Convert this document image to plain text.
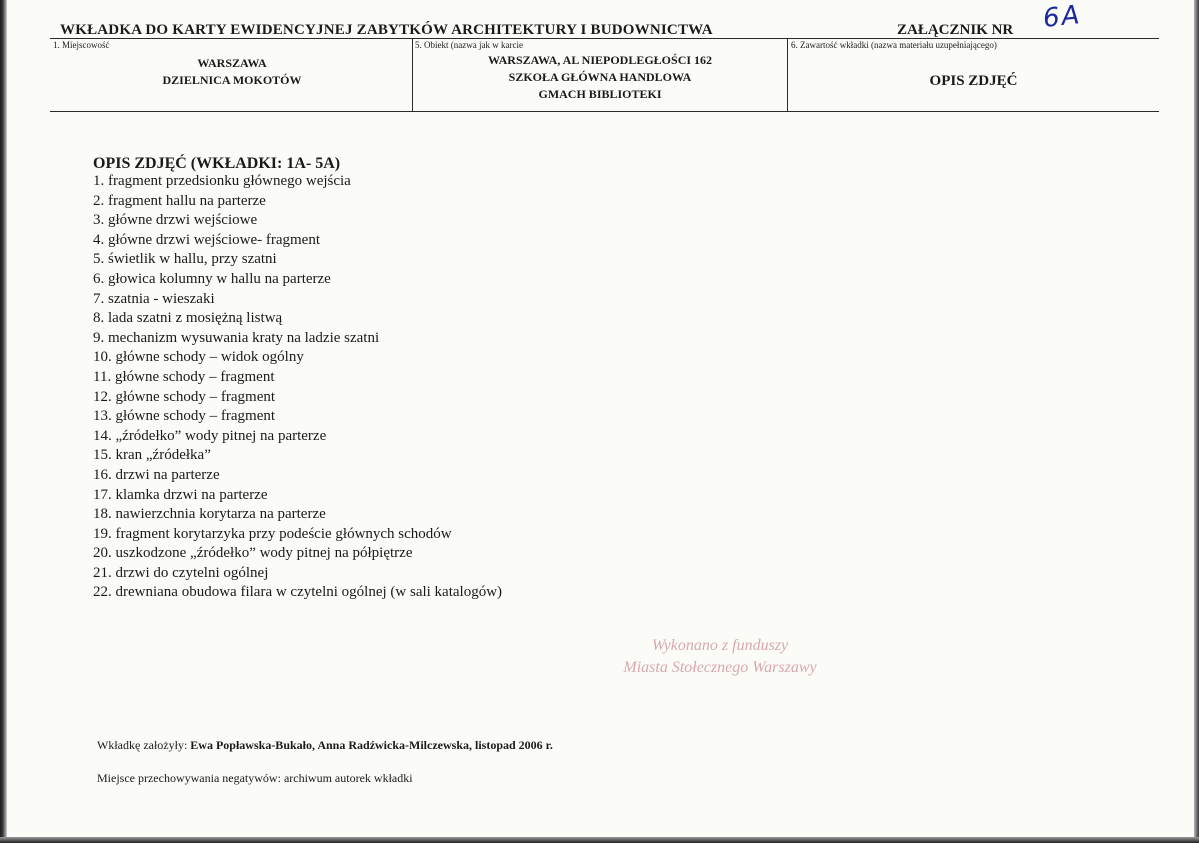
WKŁADKA DO KARTY EWIDENCYJNEJ ZABYTKÓW ARCHITEKTURY I BUDOWNICTWA	ZAŁĄCZNIK NR 6A
1. Miejscowość
WARSZAWA
DZIELNICA MOKOTÓW
5. Obiekt (nazwa jak w karcie
WARSZAWA, AL NIEPODLEGŁOŚCI 162
SZKOŁA GŁÓWNA HANDLOWA
GMACH BIBLIOTEKI
6. Zawartość wkładki (nazwa materiału uzupełniającego)
OPIS ZDJĘĆ
OPIS ZDJĘĆ (WKŁADKI: 1A- 5A)
1. fragment przedsionku głównego wejścia
2. fragment hallu na parterze
3. główne drzwi wejściowe
4. główne drzwi wejściowe- fragment
5. świetlik w hallu, przy szatni
6. głowica kolumny w hallu na parterze
7. szatnia - wieszaki
8. lada szatni z mosiężną listwą
9. mechanizm wysuwania kraty na ladzie szatni
10. główne schody – widok ogólny
11. główne schody – fragment
12. główne schody – fragment
13. główne schody – fragment
14. „źródełko” wody pitnej na parterze
15. kran „źródełka”
16. drzwi na parterze
17. klamka drzwi na parterze
18. nawierzchnia korytarza na parterze
19. fragment korytarzyka przy podeście głównych schodów
20. uszkodzone „źródełko” wody pitnej na półpiętrze
21. drzwi do czytelni ogólnej
22. drewniana obudowa filara w czytelni ogólnej (w sali katalogów)
Wykonano z funduszy
Miasta Stołecznego Warszawy
Wkładkę założyły: Ewa Popławska-Bukało, Anna Radźwicka-Milczewska, listopad 2006 r.
Miejsce przechowywania negatywów: archiwum autorek wkładki
